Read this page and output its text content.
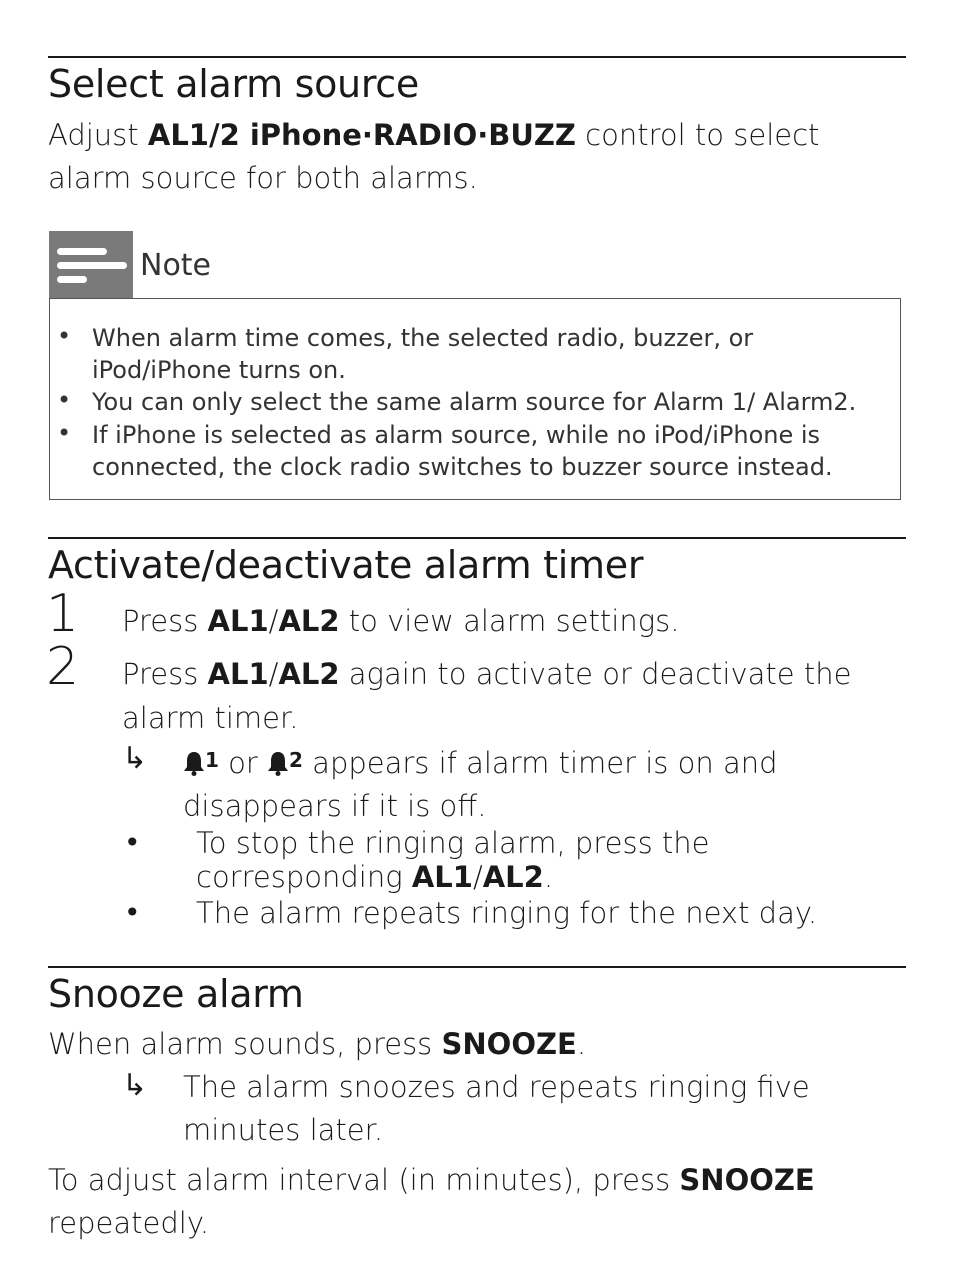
Select alarm source

Adjust AL1/2 iPhone·RADIO·BUZZ control to select alarm source for both alarms.

Note
• When alarm time comes, the selected radio, buzzer, or iPod/iPhone turns on.
• You can only select the same alarm source for Alarm 1/ Alarm2.
• If iPhone is selected as alarm source, while no iPod/iPhone is connected, the clock radio switches to buzzer source instead.
Activate/deactivate alarm timer
1 Press AL1/AL2 to view alarm settings.
2 Press AL1/AL2 again to activate or deactivate the alarm timer.
↳	$^1$ or $^2$ appears if alarm timer is on and disappears if it is off.
• To stop the ringing alarm, press the corresponding AL1/AL2.
• The alarm repeats ringing for the next day.
Snooze alarm

When alarm sounds, press SNOOZE.

↳ The alarm snoozes and repeats ringing five minutes later.

To adjust alarm interval (in minutes), press SNOOZE repeatedly.
